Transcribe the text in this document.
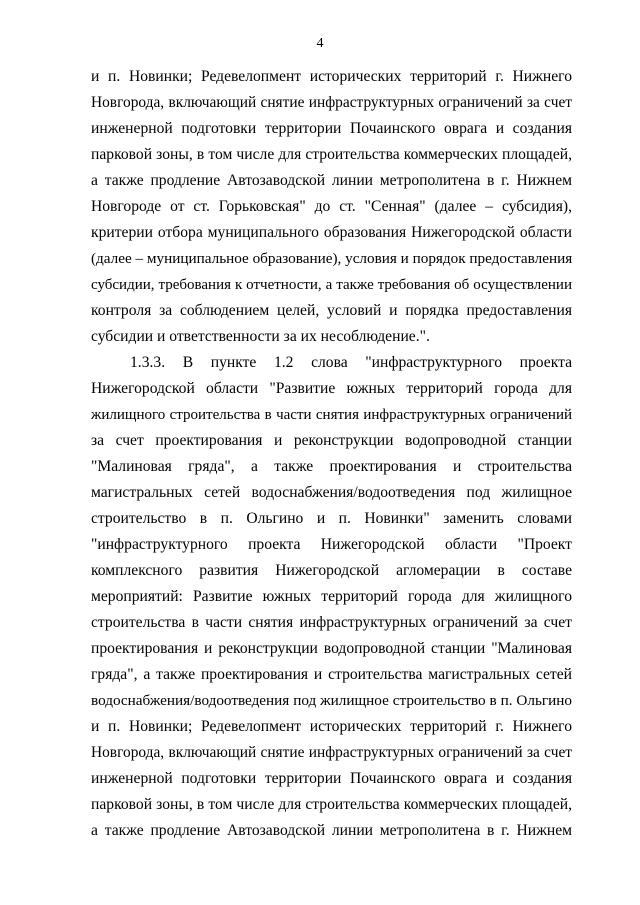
4
и п. Новинки; Редевелопмент исторических территорий г. Нижнего
Новгорода, включающий снятие инфраструктурных ограничений за счет
инженерной подготовки территории Почаинского оврага и создания
парковой зоны, в том числе для строительства коммерческих площадей,
а также продление Автозаводской линии метрополитена в г. Нижнем
Новгороде от ст. Горьковская" до ст. "Сенная" (далее – субсидия),
критерии отбора муниципального образования Нижегородской области
(далее – муниципальное образование), условия и порядок предоставления
субсидии, требования к отчетности, а также требования об осуществлении
контроля за соблюдением целей, условий и порядка предоставления
субсидии и ответственности за их несоблюдение.".
1.3.3. В пункте 1.2 слова "инфраструктурного проекта
Нижегородской области "Развитие южных территорий города для
жилищного строительства в части снятия инфраструктурных ограничений
за счет проектирования и реконструкции водопроводной станции
"Малиновая гряда", а также проектирования и строительства
магистральных сетей водоснабжения/водоотведения под жилищное
строительство в п. Ольгино и п. Новинки" заменить словами
"инфраструктурного проекта Нижегородской области "Проект
комплексного развития Нижегородской агломерации в составе
мероприятий: Развитие южных территорий города для жилищного
строительства в части снятия инфраструктурных ограничений за счет
проектирования и реконструкции водопроводной станции "Малиновая
гряда", а также проектирования и строительства магистральных сетей
водоснабжения/водоотведения под жилищное строительство в п. Ольгино
и п. Новинки; Редевелопмент исторических территорий г. Нижнего
Новгорода, включающий снятие инфраструктурных ограничений за счет
инженерной подготовки территории Почаинского оврага и создания
парковой зоны, в том числе для строительства коммерческих площадей,
а также продление Автозаводской линии метрополитена в г. Нижнем
